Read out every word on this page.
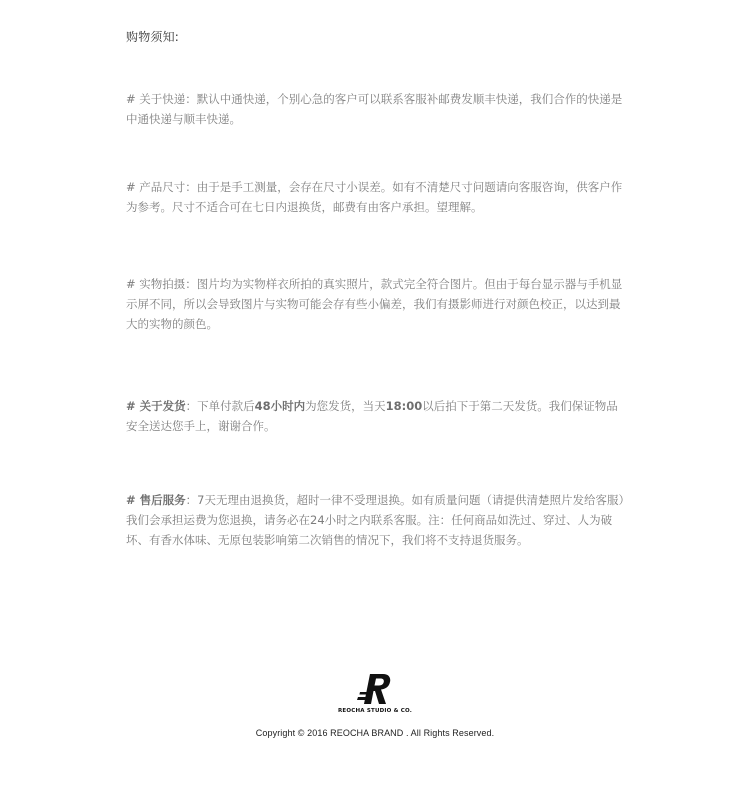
购物须知:

# 关于快递：默认中通快递，个别心急的客户可以联系客服补邮费发顺丰快递，我们合作的快递是中通快递与顺丰快递。

# 产品尺寸：由于是手工测量，会存在尺寸小误差。如有不清楚尺寸问题请向客服咨询，供客户作为参考。尺寸不适合可在七日内退换货，邮费有由客户承担。望理解。

# 实物拍摄：图片均为实物样衣所拍的真实照片，款式完全符合图片。但由于每台显示器与手机显示屏不同，所以会导致图片与实物可能会存有些小偏差，我们有摄影师进行对颜色校正，以达到最大的实物的颜色。

# 关于发货：下单付款后48小时内为您发货，当天18:00以后拍下于第二天发货。我们保证物品安全送达您手上，谢谢合作。

# 售后服务：7天无理由退换货，超时一律不受理退换。如有质量问题（请提供清楚照片发给客服）我们会承担运费为您退换，请务必在24小时之内联系客服。注：任何商品如洗过、穿过、人为破坏、有香水体味、无原包装影响第二次销售的情况下，我们将不支持退货服务。

REOCHA STUDIO & CO.
Copyright © 2016 REOCHA BRAND . All Rights Reserved.
